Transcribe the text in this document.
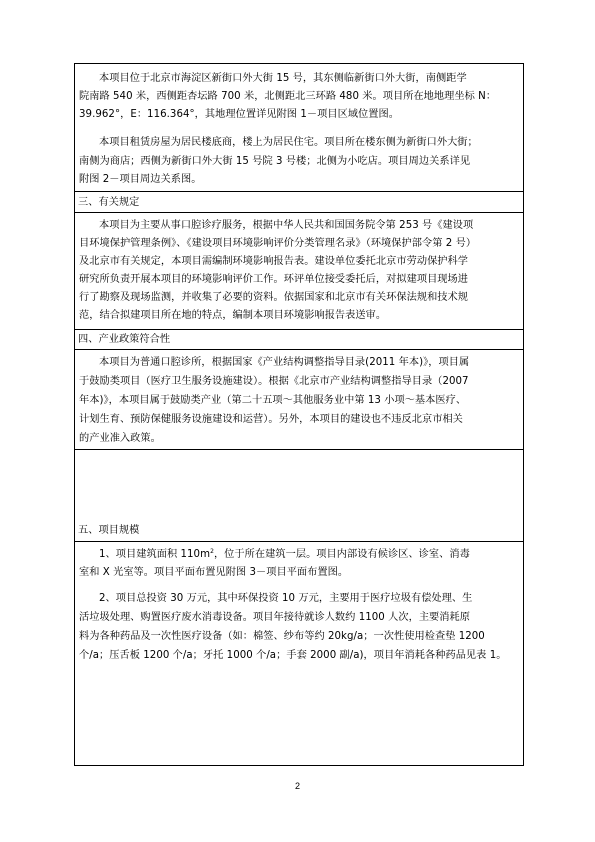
本项目位于北京市海淀区新街口外大街 15 号，其东侧临新街口外大街，南侧距学
院南路 540 米，西侧距杏坛路 700 米，北侧距北三环路 480 米。项目所在地地理坐标 N：
39.962°，E：116.364°，其地理位置详见附图 1－项目区域位置图。
本项目租赁房屋为居民楼底商，楼上为居民住宅。项目所在楼东侧为新街口外大街；
南侧为商店；西侧为新街口外大街 15 号院 3 号楼；北侧为小吃店。项目周边关系详见
附图 2－项目周边关系图。
三、有关规定
本项目为主要从事口腔诊疗服务，根据中华人民共和国国务院令第 253 号《建设项
目环境保护管理条例》、《建设项目环境影响评价分类管理名录》（环境保护部令第 2 号）
及北京市有关规定，本项目需编制环境影响报告表。建设单位委托北京市劳动保护科学
研究所负责开展本项目的环境影响评价工作。环评单位接受委托后，对拟建项目现场进
行了勘察及现场监测，并收集了必要的资料。依据国家和北京市有关环保法规和技术规
范，结合拟建项目所在地的特点，编制本项目环境影响报告表送审。
四、产业政策符合性
本项目为普通口腔诊所，根据国家《产业结构调整指导目录(2011 年本)》，项目属
于鼓励类项目（医疗卫生服务设施建设）。根据《北京市产业结构调整指导目录（2007
年本)》，本项目属于鼓励类产业（第二十五项～其他服务业中第 13 小项～基本医疗、
计划生育、预防保健服务设施建设和运营）。另外，本项目的建设也不违反北京市相关
的产业准入政策。
五、项目规模
1、项目建筑面积 $110m^2$，位于所在建筑一层。项目内部设有候诊区、诊室、消毒
室和 X 光室等。项目平面布置见附图 3－项目平面布置图。
2、项目总投资 30 万元，其中环保投资 10 万元，主要用于医疗垃圾有偿处理、生
活垃圾处理、购置医疗废水消毒设备。项目年接待就诊人数约 1100 人次，主要消耗原
料为各种药品及一次性医疗设备（如：棉签、纱布等约 20kg/a；一次性使用检查垫 1200
个/a；压舌板 1200 个/a；牙托 1000 个/a；手套 2000 副/a)，项目年消耗各种药品见表 1。
2
